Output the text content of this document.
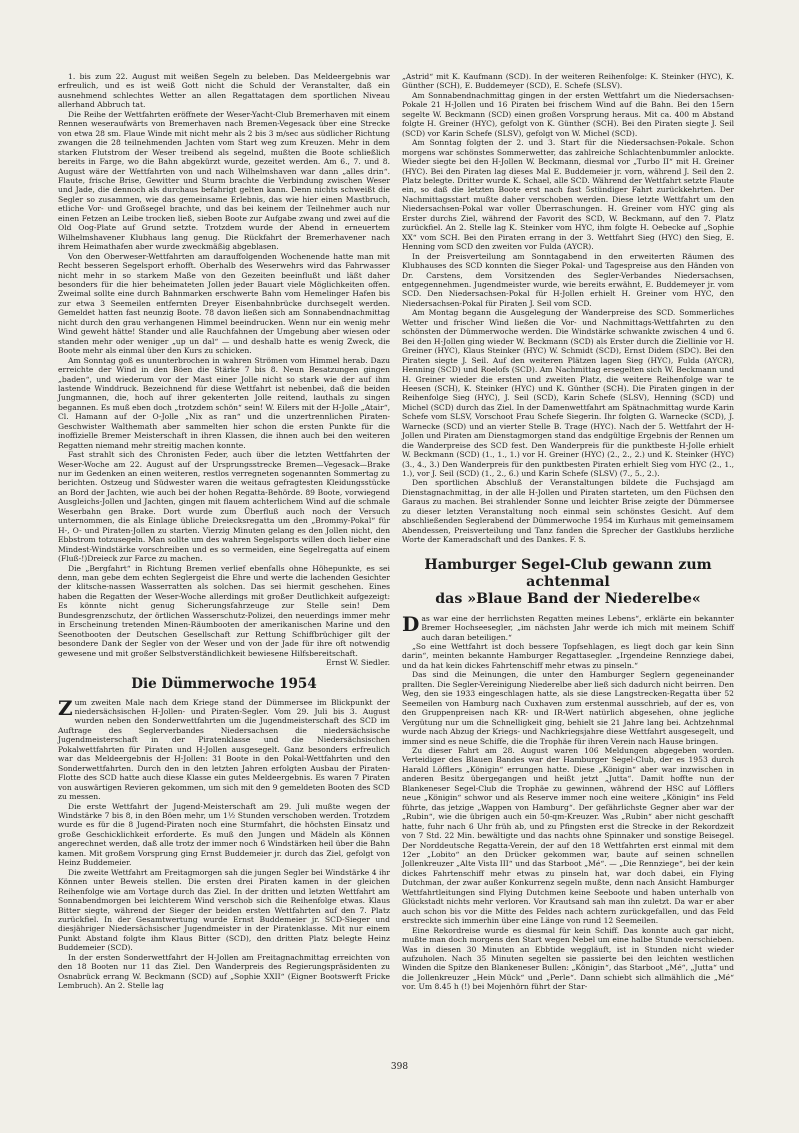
1. bis zum 22. August mit weißen Segeln zu beleben. Das Meldeergebnis war erfreulich, und es ist weiß Gott nicht die Schuld der Veranstalter, daß ein ausnehmend schlechtes Wetter an allen Regattatagen dem sportlichen Niveau allerhand Abbruch tat.

Die Reihe der Wettfahrten eröffnete der Weser-Yacht-Club Bremerhaven mit einem Rennen weseraufwärts von Bremerhaven nach Bremen-Vegesack über eine Strecke von etwa 28 sm. Flaue Winde mit nicht mehr als 2 bis 3 m/sec aus südlicher Richtung zwangen die 28 teilnehmenden Jachten vom Start weg zum Kreuzen. Mehr in dem starken Flutstrom der Weser treibend als segelnd, mußten die Boote schließlich bereits in Farge, wo die Bahn abgekürzt wurde, gezeitet werden. Am 6., 7. und 8. August wäre der Wettfahrten von und nach Wilhelmshaven war dann „alles drin“. Flaute, frische Brise, Gewitter und Sturm brachte die Verbindung zwischen Weser und Jade, die dennoch als durchaus befahrigt gelten kann. Denn nichts schweißt die Segler so zusammen, wie das gemeinsame Erlebnis, das wie hier einen Mastbruch, etliche Vor- und Großsegel brachte, und das bei keinem der Teilnehmer auch nur einen Fetzen an Leibe trocken ließ, sieben Boote zur Aufgabe zwang und zwei auf die Old Oog-Plate auf Grund setzte. Trotzdem wurde der Abend in erneuertem Wilhelmshavener Klubhaus lang genug. Die Rückfahrt der Bremerhavener nach ihrem Heimathafen aber wurde zweckmäßig abgeblasen.

Von den Oberweser-Wettfahrten am darauffolgenden Wochenende hatte man mit Recht besseren Segelsport erhofft. Oberhalb des Weserwehrs wird das Fahrwasser nicht mehr in so starkem Maße von den Gezeiten beeinflußt und läßt daher besonders für die hier beheimateten Jollen jeder Bauart viele Möglichkeiten offen. Zweimal sollte eine durch Bahnmarken erschwerte Bahn vom Hemelinger Hafen bis zur etwa 3 Seemeilen entfernten Dreyer Eisenbahnbrücke durchsegelt werden. Gemeldet hatten fast neunzig Boote. 78 davon ließen sich am Sonnabendnachmittag nicht durch den grau verhangenen Himmel beeindrucken. Wenn nur ein wenig mehr Wind geweht hätte! Stander und alle Rauchfahnen der Umgebung aber wiesen oder standen mehr oder weniger „up un dal“ — und deshalb hatte es wenig Zweck, die Boote mehr als einmal über den Kurs zu schicken.

Am Sonntag goß es ununterbrochen in wahren Strömen vom Himmel herab. Dazu erreichte der Wind in den Böen die Stärke 7 bis 8. Neun Besatzungen gingen „baden“, und wiederum vor der Mast einer Jolle nicht so stark wie der auf ihm lastende Winddruck. Bezeichnend für diese Wettfahrt ist nebenbei, daß die beiden Jungmannen, die, hoch auf ihrer gekenterten Jolle reitend, lauthals zu singen begannen. Es muß eben doch „trotzdem schön“ sein! W. Eilers mit der H-Jolle „Atair“, Cl. Hamann auf der O-Jolle „Nix as ran“ und die unzertrennlichen Piraten-Geschwister Walthemath aber sammelten hier schon die ersten Punkte für die inoffizielle Bremer Meisterschaft in ihren Klassen, die ihnen auch bei den weiteren Regatten niemand mehr streitig machen konnte.

Fast strahlt sich des Chronisten Feder, auch über die letzten Wettfahrten der Weser-Woche am 22. August auf der Ursprungsstrecke Bremen—Vegesack—Brake nur im Gedenken an einen weiteren, restlos verregneten sogenannten Sommertag zu berichten. Ostzeug und Südwester waren die weitaus gefragtesten Kleidungsstücke an Bord der Jachten, wie auch bei der hohen Regatta-Behörde. 89 Boote, vorwiegend Ausgleichs-Jollen und Jachten, gingen mit flauem achterlichem Wind auf die schmale Weserbahn gen Brake. Dort wurde zum Überfluß auch noch der Versuch unternommen, die als Einlage übliche Dreiecksregatta um den „Brommy-Pokal“ für H-, O- und Piraten-Jollen zu starten. Vierzig Minuten gelang es den Jollen nicht, den Ebbstrom totzusegeln. Man sollte um des wahren Segelsports willen doch lieber eine Mindest-Windstärke vorschreiben und es so vermeiden, eine Segelregatta auf einem (Fluß-!)Dreieck zur Farce zu machen.

Die „Bergfahrt“ in Richtung Bremen verlief ebenfalls ohne Höhepunkte, es sei denn, man gebe dem echten Seglergeist die Ehre und werte die lachenden Gesichter der klitsche-nassen Wasserratten als solchen. Das sei hiermit geschehen. Eines haben die Regatten der Weser-Woche allerdings mit großer Deutlichkeit aufgezeigt: Es könnte nicht genug Sicherungsfahrzeuge zur Stelle sein! Dem Bundesgrenzschutz, der örtlichen Wasserschutz-Polizei, den neuerdings immer mehr in Erscheinung tretenden Minen-Räumbooten der amerikanischen Marine und den Seenotbooten der Deutschen Gesellschaft zur Rettung Schiffbrüchiger gilt der besondere Dank der Segler von der Weser und von der Jade für ihre oft notwendig gewesene und mit großer Selbstverständlichkeit bewiesene Hilfsbereitschaft.

Ernst W. Siedler.

Die Dümmerwoche 1954

Zum zweiten Male nach dem Kriege stand der Dümmersee im Blickpunkt der niedersächsischen H-Jollen- und Piraten-Segler. Vom 29. Juli bis 3. August wurden neben den Sonderwettfahrten um die Jugendmeisterschaft des SCD im Auftrage des Seglerverbandes Niedersachsen die niedersächsische Jugendmeisterschaft in der Piratenklasse und die Niedersächsischen Pokalwettfahrten für Piraten und H-Jollen ausgesegelt. Ganz besonders erfreulich war das Meldeergebnis der H-Jollen: 31 Boote in den Pokal-Wettfahrten und den Sonderwettfahrten. Durch den in den letzten Jahren erfolgten Ausbau der Piraten-Flotte des SCD hatte auch diese Klasse ein gutes Meldeergebnis. Es waren 7 Piraten von auswärtigen Revieren gekommen, um sich mit den 9 gemeldeten Booten des SCD zu messen.

Die erste Wettfahrt der Jugend-Meisterschaft am 29. Juli mußte wegen der Windstärke 7 bis 8, in den Böen mehr, um 1½ Stunden verschoben werden. Trotzdem wurde es für die 8 Jugend-Piraten noch eine Sturmfahrt, die höchsten Einsatz und große Geschicklichkeit erforderte. Es muß den Jungen und Mädeln als Können angerechnet werden, daß alle trotz der immer noch 6 Windstärken heil über die Bahn kamen. Mit großem Vorsprung ging Ernst Buddemeier jr. durch das Ziel, gefolgt von Heinz Buddemeier.

Die zweite Wettfahrt am Freitagmorgen sah die jungen Segler bei Windstärke 4 ihr Können unter Beweis stellen. Die ersten drei Piraten kamen in der gleichen Reihenfolge wie am Vortage durch das Ziel. In der dritten und letzten Wettfahrt am Sonnabendmorgen bei leichterem Wind verschob sich die Reihenfolge etwas. Klaus Bitter siegte, während der Sieger der beiden ersten Wettfahrten auf den 7. Platz zurückfiel. In der Gesamtwertung wurde Ernst Buddemeier jr. SCD-Sieger und diesjähriger Niedersächsischer Jugendmeister in der Piratenklasse. Mit nur einem Punkt Abstand folgte ihm Klaus Bitter (SCD), den dritten Platz belegte Heinz Buddemeier (SCD).

In der ersten Sonderwettfahrt der H-Jollen am Freitagnachmittag erreichten von den 18 Booten nur 11 das Ziel. Den Wanderpreis des Regierungspräsidenten zu Osnabrück errang W. Beckmann (SCD) auf „Sophie XXII“ (Eigner Bootswerft Fricke Lembruch). An 2. Stelle lag

„Astrid“ mit K. Kaufmann (SCD). In der weiteren Reihenfolge: K. Steinker (HYC), K. Günther (SCH), E. Buddemeyer (SCD), E. Schefe (SLSV).

Am Sonnabendnachmittag gingen in der ersten Wettfahrt um die Niedersachsen-Pokale 21 H-Jollen und 16 Piraten bei frischem Wind auf die Bahn. Bei den 15ern segelte W. Beckmann (SCD) einen großen Vorsprung heraus. Mit ca. 400 m Abstand folgte H. Greiner (HYC), gefolgt von K. Günther (SCH). Bei den Piraten siegte J. Seil (SCD) vor Karin Schefe (SLSV), gefolgt von W. Michel (SCD).

Am Sonntag folgten der 2. und 3. Start für die Niedersachsen-Pokale. Schon morgens war schönstes Sommerwetter, das zahlreiche Schlachtenbummler anlockte. Wieder siegte bei den H-Jollen W. Beckmann, diesmal vor „Turbo II“ mit H. Greiner (HYC). Bei den Piraten lag dieses Mal E. Buddemeier jr. vorn, während J. Seil den 2. Platz belegte. Dritter wurde K. Schael, alle SCD. Während der Wettfahrt setzte Flaute ein, so daß die letzten Boote erst nach fast 5stündiger Fahrt zurückkehrten. Der Nachmittagsstart mußte daher verschoben werden. Diese letzte Wettfahrt um den Niedersachsen-Pokal war voller Überraschungen. H. Greiner vom HYC ging als Erster durchs Ziel, während der Favorit des SCD, W. Beckmann, auf den 7. Platz zurückfiel. An 2. Stelle lag K. Steinker vom HYC, ihm folgte H. Oebecke auf „Sophie XX“ vom SCH. Bei den Piraten errang in der 3. Wettfahrt Sieg (HYC) den Sieg, E. Henning vom SCD den zweiten vor Fulda (AYCR).

In der Preisverteilung am Sonntagabend in den erweiterten Räumen des Klubhauses des SCD konnten die Sieger Pokal- und Tagespreise aus den Händen von Dr. Carstens, dem Vorsitzenden des Segler-Verbandes Niedersachsen, entgegennehmen. Jugendmeister wurde, wie bereits erwähnt, E. Buddemeyer jr. vom SCD. Den Niedersachsen-Pokal für H-Jollen erhielt H. Greiner vom HYC, den Niedersachsen-Pokal für Piraten J. Seil vom SCD.

Am Montag begann die Ausgelegung der Wanderpreise des SCD. Sommerliches Wetter und frischer Wind ließen die Vor- und Nachmittags-Wettfahrten zu den schönsten der Dümmerwoche werden. Die Windstärke schwankte zwischen 4 und 6. Bei den H-Jollen ging wieder W. Beckmann (SCD) als Erster durch die Ziellinie vor H. Greiner (HYC), Klaus Steinker (HYC) W. Schmidt (SCD), Ernst Didem (SDC). Bei den Piraten siegte J. Seil. Auf den weiteren Plätzen lagen Sieg (HYC), Fulda (AYCR), Henning (SCD) und Roelofs (SCD). Am Nachmittag ersegelten sich W. Beckmann und H. Greiner wieder die ersten und zweiten Platz, die weitere Reihenfolge war te Heesen (SCH), K. Steinker (HYC) und K. Günther (SCH). Die Piraten gingen in der Reihenfolge Sieg (HYC), J. Seil (SCD), Karin Schefe (SLSV), Henning (SCD) und Michel (SCD) durch das Ziel. In der Damenwettfahrt am Spätnachmittag wurde Karin Schefe vom SLSV, Vorschoot Frau Schefe Siegerin. Ihr folgten G. Warnecke (SCD), J. Warnecke (SCD) und an vierter Stelle B. Trage (HYC). Nach der 5. Wettfahrt der H-Jollen und Piraten am Dienstagmorgen stand das endgültige Ergebnis der Rennen um die Wanderpreise des SCD fest. Den Wanderpreis für die punktbeste H-Jolle erhielt W. Beckmann (SCD) (1., 1., 1.) vor H. Greiner (HYC) (2., 2., 2.) und K. Steinker (HYC) (3., 4., 3.) Den Wanderpreis für den punktbesten Piraten erhielt Sieg vom HYC (2., 1., 1.), vor J. Seil (SCD) (1., 2., 6.) und Karin Schefe (SLSV) (7., 5., 2.).

Den sportlichen Abschluß der Veranstaltungen bildete die Fuchsjagd am Dienstagnachmittag, in der alle H-Jollen und Piraten starteten, um den Füchsen den Garaus zu machen. Bei strahlender Sonne und leichter Brise zeigte der Dümmersee zu dieser letzten Veranstaltung noch einmal sein schönstes Gesicht. Auf dem abschließenden Seglerabend der Dümmerwoche 1954 im Kurhaus mit gemeinsamem Abendessen, Preisverteilung und Tanz fanden die Sprecher der Gastklubs herzliche Worte der Kameradschaft und des Dankes. F. S.

Hamburger Segel-Club gewann zum achtenmal
das »Blaue Band der Niederelbe«

Das war eine der herrlichsten Regatten meines Lebens“, erklärte ein bekannter Bremer Hochseesegler, „im nächsten Jahr werde ich mich mit meinem Schiff auch daran beteiligen.“

„So eine Wettfahrt ist doch bessere Topfsehlagen, es liegt doch gar kein Sinn darin“, meinten bekannte Hamburger Regattasegler. „Irgendeine Rennziege dabei, und da hat kein dickes Fahrtenschiff mehr etwas zu pinseln.“

Das sind die Meinungen, die unter den Hamburger Seglern gegeneinander prallten. Die Segler-Vereinigung Niederelbe aber ließ sich dadurch nicht beirren. Den Weg, den sie 1933 eingeschlagen hatte, als sie diese Langstrecken-Regatta über 52 Seemeilen von Hamburg nach Cuxhaven zum erstenmal ausschrieb, auf der es, von den Gruppenpreisen nach KR- und IR-Wert natürlich abgesehen, ohne jegliche Vergütung nur um die Schnelligkeit ging, behielt sie 21 Jahre lang bei. Achtzehnmal wurde nach Abzug der Kriegs- und Nachkriegsjahre diese Wettfahrt ausgesegelt, und immer sind es neue Schiffe, die die Trophäe für ihren Verein nach Hause bringen.

Zu dieser Fahrt am 28. August waren 106 Meldungen abgegeben worden. Verteidiger des Blauen Bandes war der Hamburger Segel-Club, der es 1953 durch Harald Löfflers „Königin“ errungen hatte. Diese „Königin“ aber war inzwischen in anderen Besitz übergegangen und heißt jetzt „Jutta“. Damit hoffte nun der Blankeneser Segel-Club die Trophäe zu gewinnen, während der HSC auf Löfflers neue „Königin“ schwor und als Reserve immer noch eine weitere „Königin“ ins Feld führte, das jetzige „Wappen von Hamburg“. Der gefährlichste Gegner aber war der „Rubin“, wie die übrigen auch ein 50-qm-Kreuzer. Was „Rubin“ aber nicht geschafft hatte, fuhr nach 6 Uhr früh ab, und zu Pfingsten erst die Strecke in der Rekordzeit von 7 Std. 22 Min. bewältigte und das nachts ohne Spinnaker und sonstige Beisegel. Der Norddeutsche Regatta-Verein, der auf den 18 Wettfahrten erst einmal mit dem 12er „Lobito“ an den Drücker gekommen war, baute auf seinen schnellen Jollenkreuzer „Alte Vista III“ und das Starboot „Mé“. — „Die Rennziege“, bei der kein dickes Fahrtenschiff mehr etwas zu pinseln hat, war doch dabei, ein Flying Dutchman, der zwar außer Konkurrenz segeln mußte, denn nach Ansicht Hamburger Wettfahrtleitungen sind Flying Dutchmen keine Seeboote und haben unterhalb von Glückstadt nichts mehr verloren. Vor Krautsand sah man ihn zuletzt. Da war er aber auch schon bis vor die Mitte des Feldes nach achtern zurückgefallen, und das Feld erstreckte sich immerhin über eine Länge von rund 12 Seemeilen.

Eine Rekordreise wurde es diesmal für kein Schiff. Das konnte auch gar nicht, mußte man doch morgens den Start wegen Nebel um eine halbe Stunde verschieben. Was in diesen 30 Minuten an Ebbtide weggläuft, ist in Stunden nicht wieder aufzuholen. Nach 35 Minuten segelten sie passierte bei den leichten westlichen Winden die Spitze den Blankeneser Bullen: „Königin“, das Starboot „Mé“, „Jutta“ und die Jollenkreuzer „Hein Mück“ und „Perle“. Dann schiebt sich allmählich die „Mé“ vor. Um 8.45 h (!) bei Mojenhörn führt der Star-

398
